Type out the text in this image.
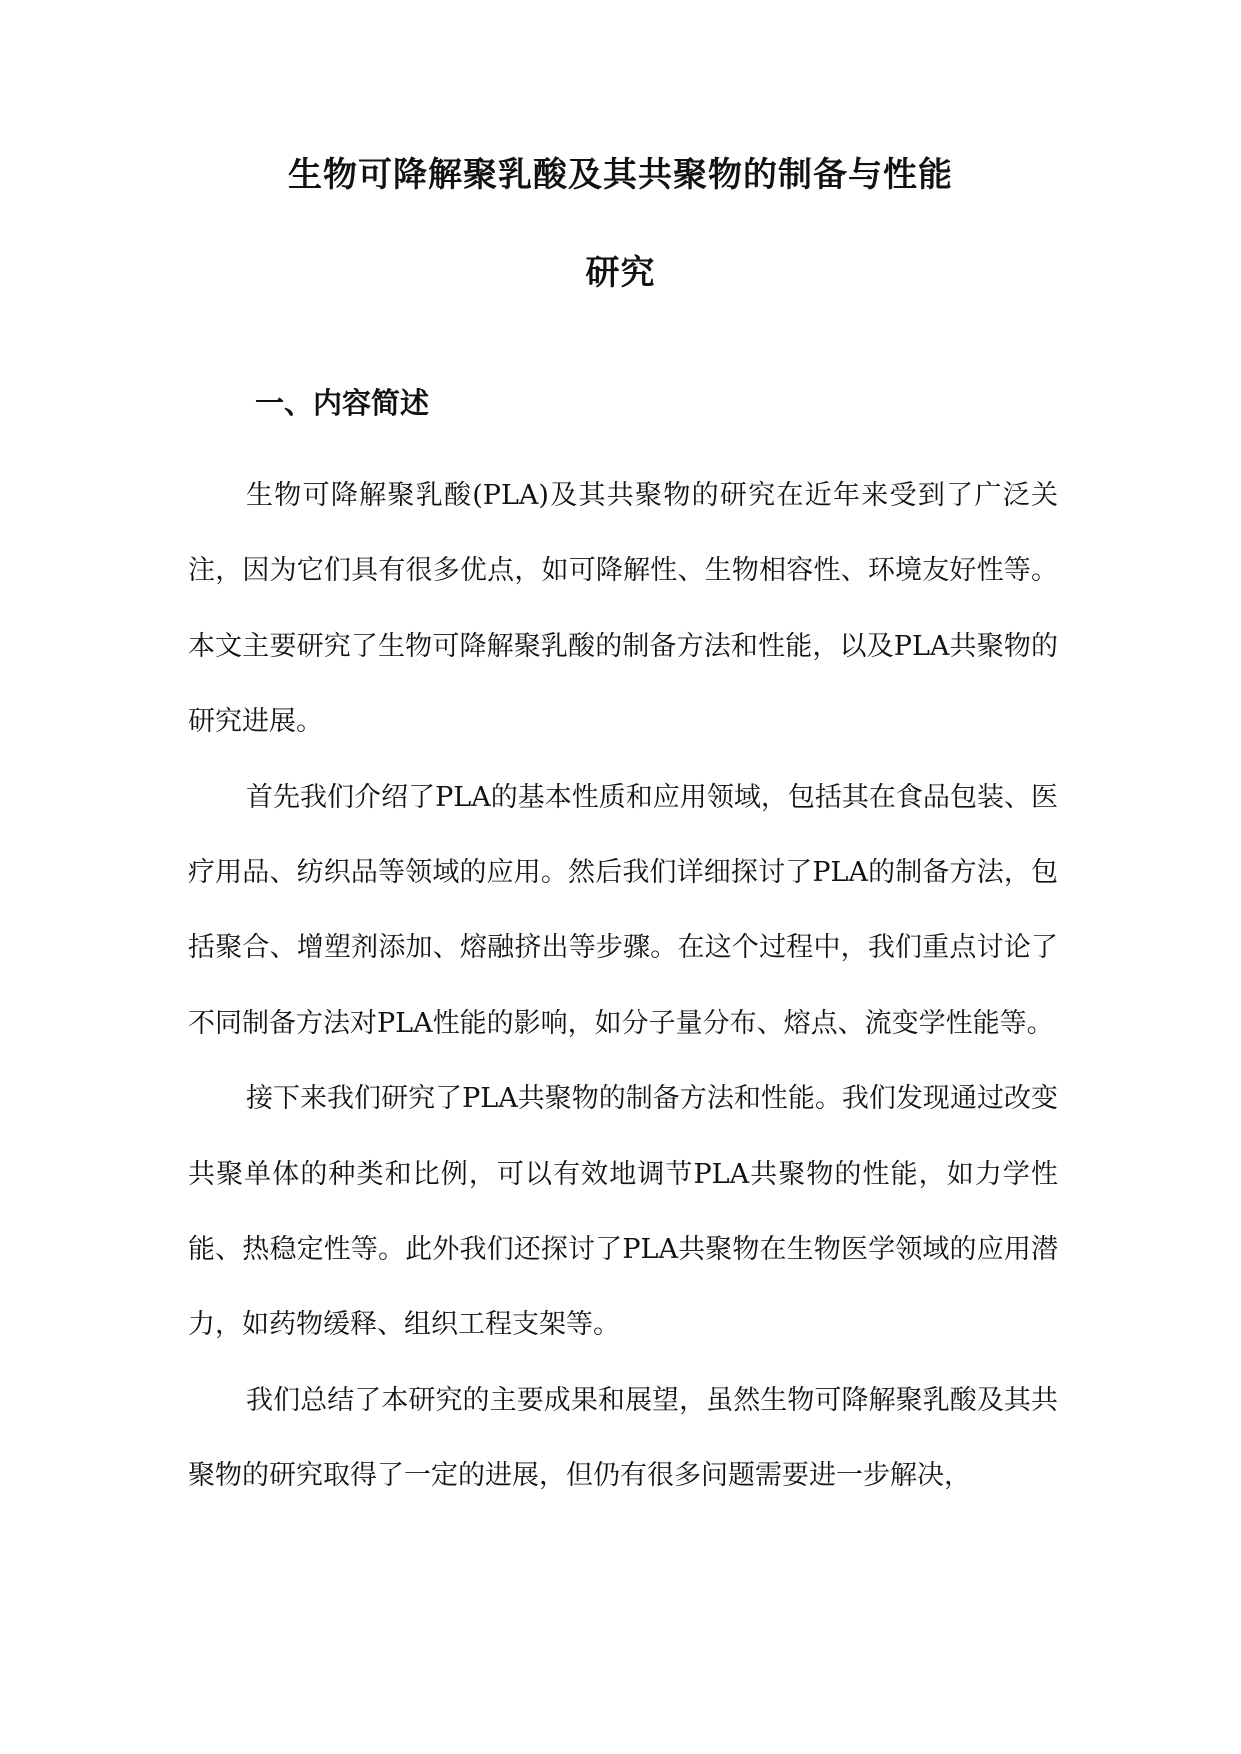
生物可降解聚乳酸及其共聚物的制备与性能
研究
一、内容简述

生物可降解聚乳酸(PLA)及其共聚物的研究在近年来受到了广泛关注，因为它们具有很多优点，如可降解性、生物相容性、环境友好性等。本文主要研究了生物可降解聚乳酸的制备方法和性能，以及PLA共聚物的研究进展。

首先我们介绍了PLA的基本性质和应用领域，包括其在食品包装、医疗用品、纺织品等领域的应用。然后我们详细探讨了PLA的制备方法，包括聚合、增塑剂添加、熔融挤出等步骤。在这个过程中，我们重点讨论了不同制备方法对PLA性能的影响，如分子量分布、熔点、流变学性能等。

接下来我们研究了PLA共聚物的制备方法和性能。我们发现通过改变共聚单体的种类和比例，可以有效地调节PLA共聚物的性能，如力学性能、热稳定性等。此外我们还探讨了PLA共聚物在生物医学领域的应用潜力，如药物缓释、组织工程支架等。

我们总结了本研究的主要成果和展望，虽然生物可降解聚乳酸及其共聚物的研究取得了一定的进展，但仍有很多问题需要进一步解决，
